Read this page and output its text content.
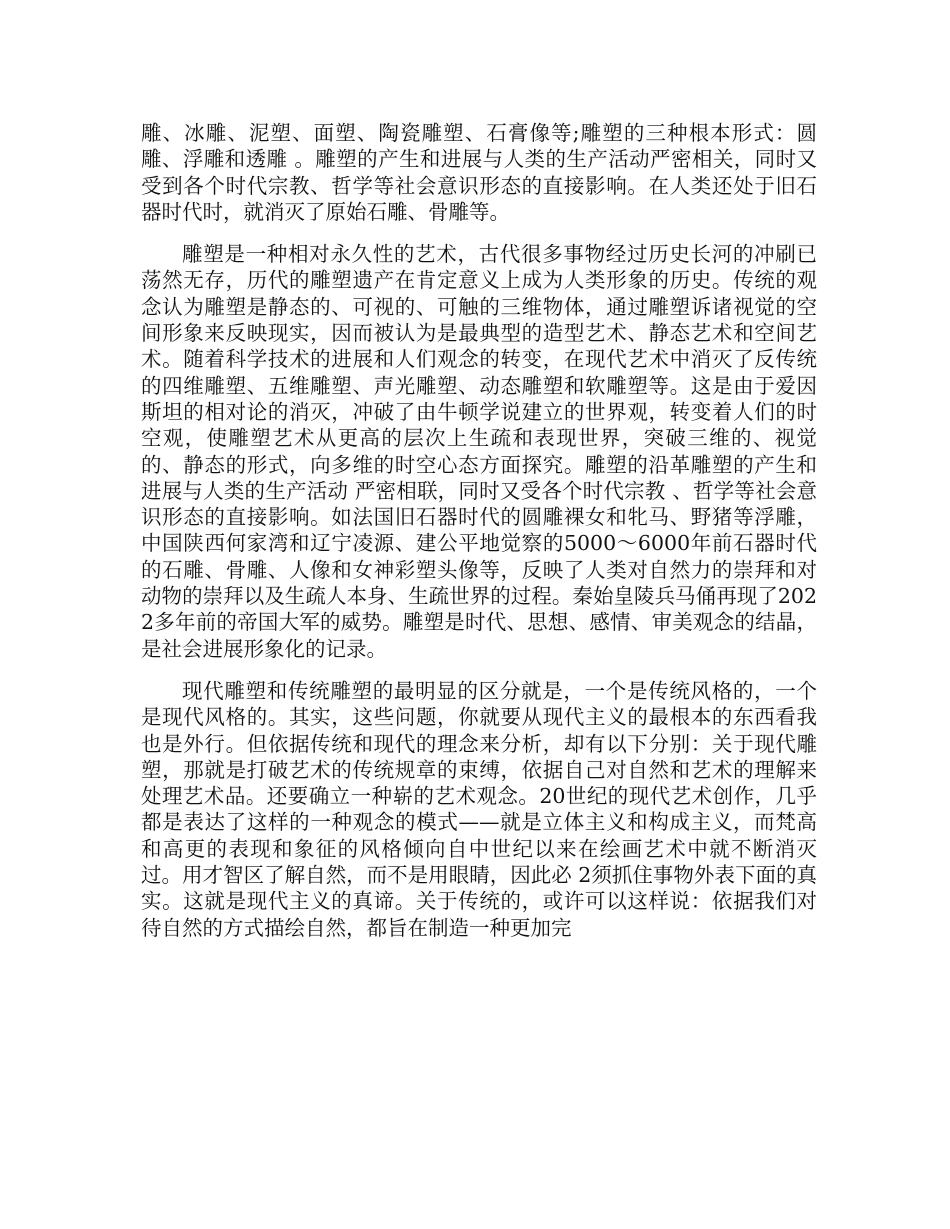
雕、冰雕、泥塑、面塑、陶瓷雕塑、石膏像等;雕塑的三种根本形式：圆雕、浮雕和透雕 。雕塑的产生和进展与人类的生产活动严密相关，同时又受到各个时代宗教、哲学等社会意识形态的直接影响。在人类还处于旧石器时代时，就消灭了原始石雕、骨雕等。

雕塑是一种相对永久性的艺术，古代很多事物经过历史长河的冲刷已荡然无存，历代的雕塑遗产在肯定意义上成为人类形象的历史。传统的观念认为雕塑是静态的、可视的、可触的三维物体，通过雕塑诉诸视觉的空间形象来反映现实，因而被认为是最典型的造型艺术、静态艺术和空间艺术。随着科学技术的进展和人们观念的转变，在现代艺术中消灭了反传统的四维雕塑、五维雕塑、声光雕塑、动态雕塑和软雕塑等。这是由于爱因斯坦的相对论的消灭，冲破了由牛顿学说建立的世界观，转变着人们的时空观，使雕塑艺术从更高的层次上生疏和表现世界，突破三维的、视觉的、静态的形式，向多维的时空心态方面探究。雕塑的沿革雕塑的产生和进展与人类的生产活动 严密相联，同时又受各个时代宗教 、哲学等社会意识形态的直接影响。如法国旧石器时代的圆雕裸女和牝马、野猪等浮雕，中国陕西何家湾和辽宁凌源、建公平地觉察的5000～6000年前石器时代的石雕、骨雕、人像和女神彩塑头像等，反映了人类对自然力的崇拜和对动物的崇拜以及生疏人本身、生疏世界的过程。秦始皇陵兵马俑再现了2022多年前的帝国大军的威势。雕塑是时代、思想、感情、审美观念的结晶，是社会进展形象化的记录。

现代雕塑和传统雕塑的最明显的区分就是，一个是传统风格的，一个是现代风格的。其实，这些问题，你就要从现代主义的最根本的东西看我也是外行。但依据传统和现代的理念来分析，却有以下分别：关于现代雕塑，那就是打破艺术的传统规章的束缚，依据自己对自然和艺术的理解来处理艺术品。还要确立一种崭的艺术观念。20世纪的现代艺术创作，几乎都是表达了这样的一种观念的模式——就是立体主义和构成主义，而梵高和高更的表现和象征的风格倾向自中世纪以来在绘画艺术中就不断消灭过。用才智区了解自然，而不是用眼睛，因此必 2须抓住事物外表下面的真实。这就是现代主义的真谛。关于传统的，或许可以这样说：依据我们对待自然的方式描绘自然，都旨在制造一种更加完
